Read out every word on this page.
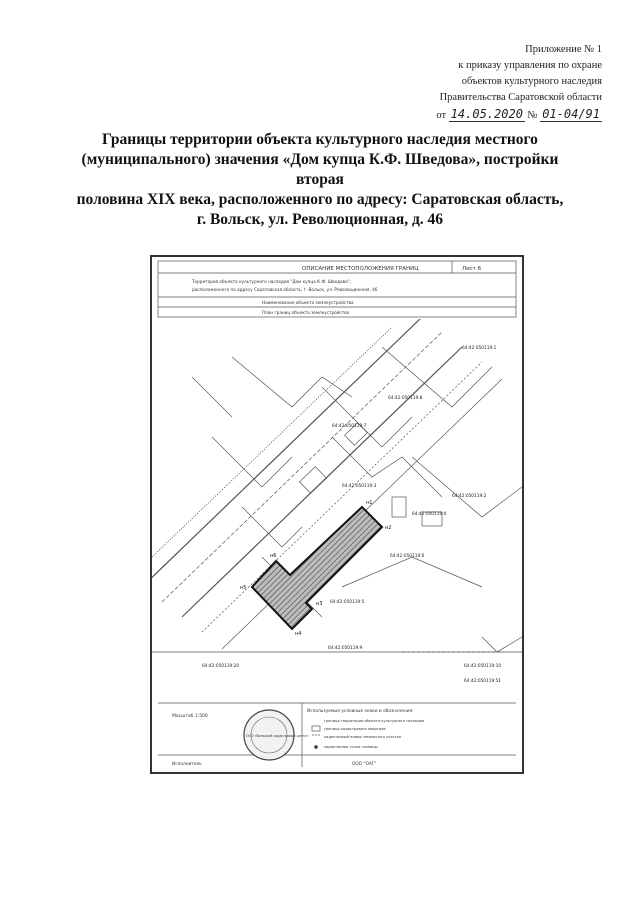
Приложение № 1
к приказу управления по охране
объектов культурного наследия
Правительства Саратовской области
от 14.05.2020 № 01-04/91
Границы территории объекта культурного наследия местного
(муниципального) значения «Дом купца К.Ф. Шведова», постройки вторая
половина XIX века, расположенного по адресу: Саратовская область,
г. Вольск, ул. Революционная, д. 46
ОПИСАНИЕ МЕСТОПОЛОЖЕНИЯ ГРАНИЦ	Лист 6
Территория объекта культурного наследия "Дом купца К.Ф. Шведова",
расположенного по адресу Саратовская область, г. Вольск, ул. Революционная, 46
Наименование объекта землеустройства
План границ объекта землеустройства
64:42:050119:1
64:42:050119:8
64:42:050119:7
64:42:050119:2
64:42:050119:3
64:42:050119:4
64:42:050119:6
64:42:050119:5
64:42:050119:9
64:42:050119:20
64:42:050119:51
64:42:050119:10
н1
н2
н3
н4
н5
н6
Масштаб 1:500
Используемые условные знаки и обозначения:
граница территории объекта культурного наследия
граница кадастрового квартала
кадастровый номер земельного участка
характерная точка границы
ООО «Вольский кадастровый центр»
Исполнитель	ООО "ОАГ"
